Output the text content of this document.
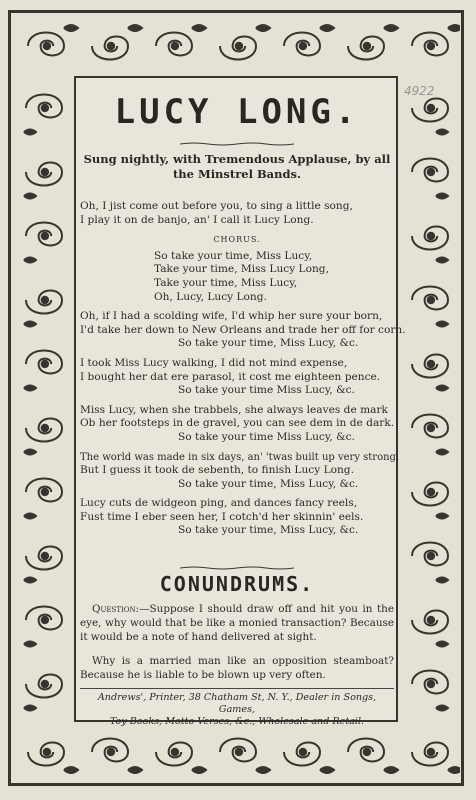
4922
LUCY LONG.
Sung nightly, with Tremendous Applause, by all
the Minstrel Bands.
Oh, I jist come out before you, to sing a little song,
I play it on de banjo, an' I call it Lucy Long.
CHORUS.
So take your time, Miss Lucy,
Take your time, Miss Lucy Long,
Take your time, Miss Lucy,
Oh, Lucy, Lucy Long.
Oh, if I had a scolding wife, I'd whip her sure your born,
I'd take her down to New Orleans and trade her off for corn.
So take your time, Miss Lucy, &c.
I took Miss Lucy walking, I did not mind expense,
I bought her dat ere parasol, it cost me eighteen pence.
So take your time Miss Lucy, &c.
Miss Lucy, when she trabbels, she always leaves de mark
Ob her footsteps in de gravel, you can see dem in de dark.
So take your time Miss Lucy, &c.
The world was made in six days, an' 'twas built up very strong,
But I guess it took de sebenth, to finish Lucy Long.
So take your time, Miss Lucy, &c.
Lucy cuts de widgeon ping, and dances fancy reels,
Fust time I eber seen her, I cotch'd her skinnin' eels.
So take your time, Miss Lucy, &c.
CONUNDRUMS.
Question:—Suppose I should draw off and hit you in the eye, why would that be like a monied transaction? Because it would be a note of hand delivered at sight.
Why is a married man like an opposition steamboat? Because he is liable to be blown up very often.
Andrews', Printer, 38 Chatham St, N. Y., Dealer in Songs, Games,
Toy Books, Motto Verses, &c., Wholesale and Retail.
